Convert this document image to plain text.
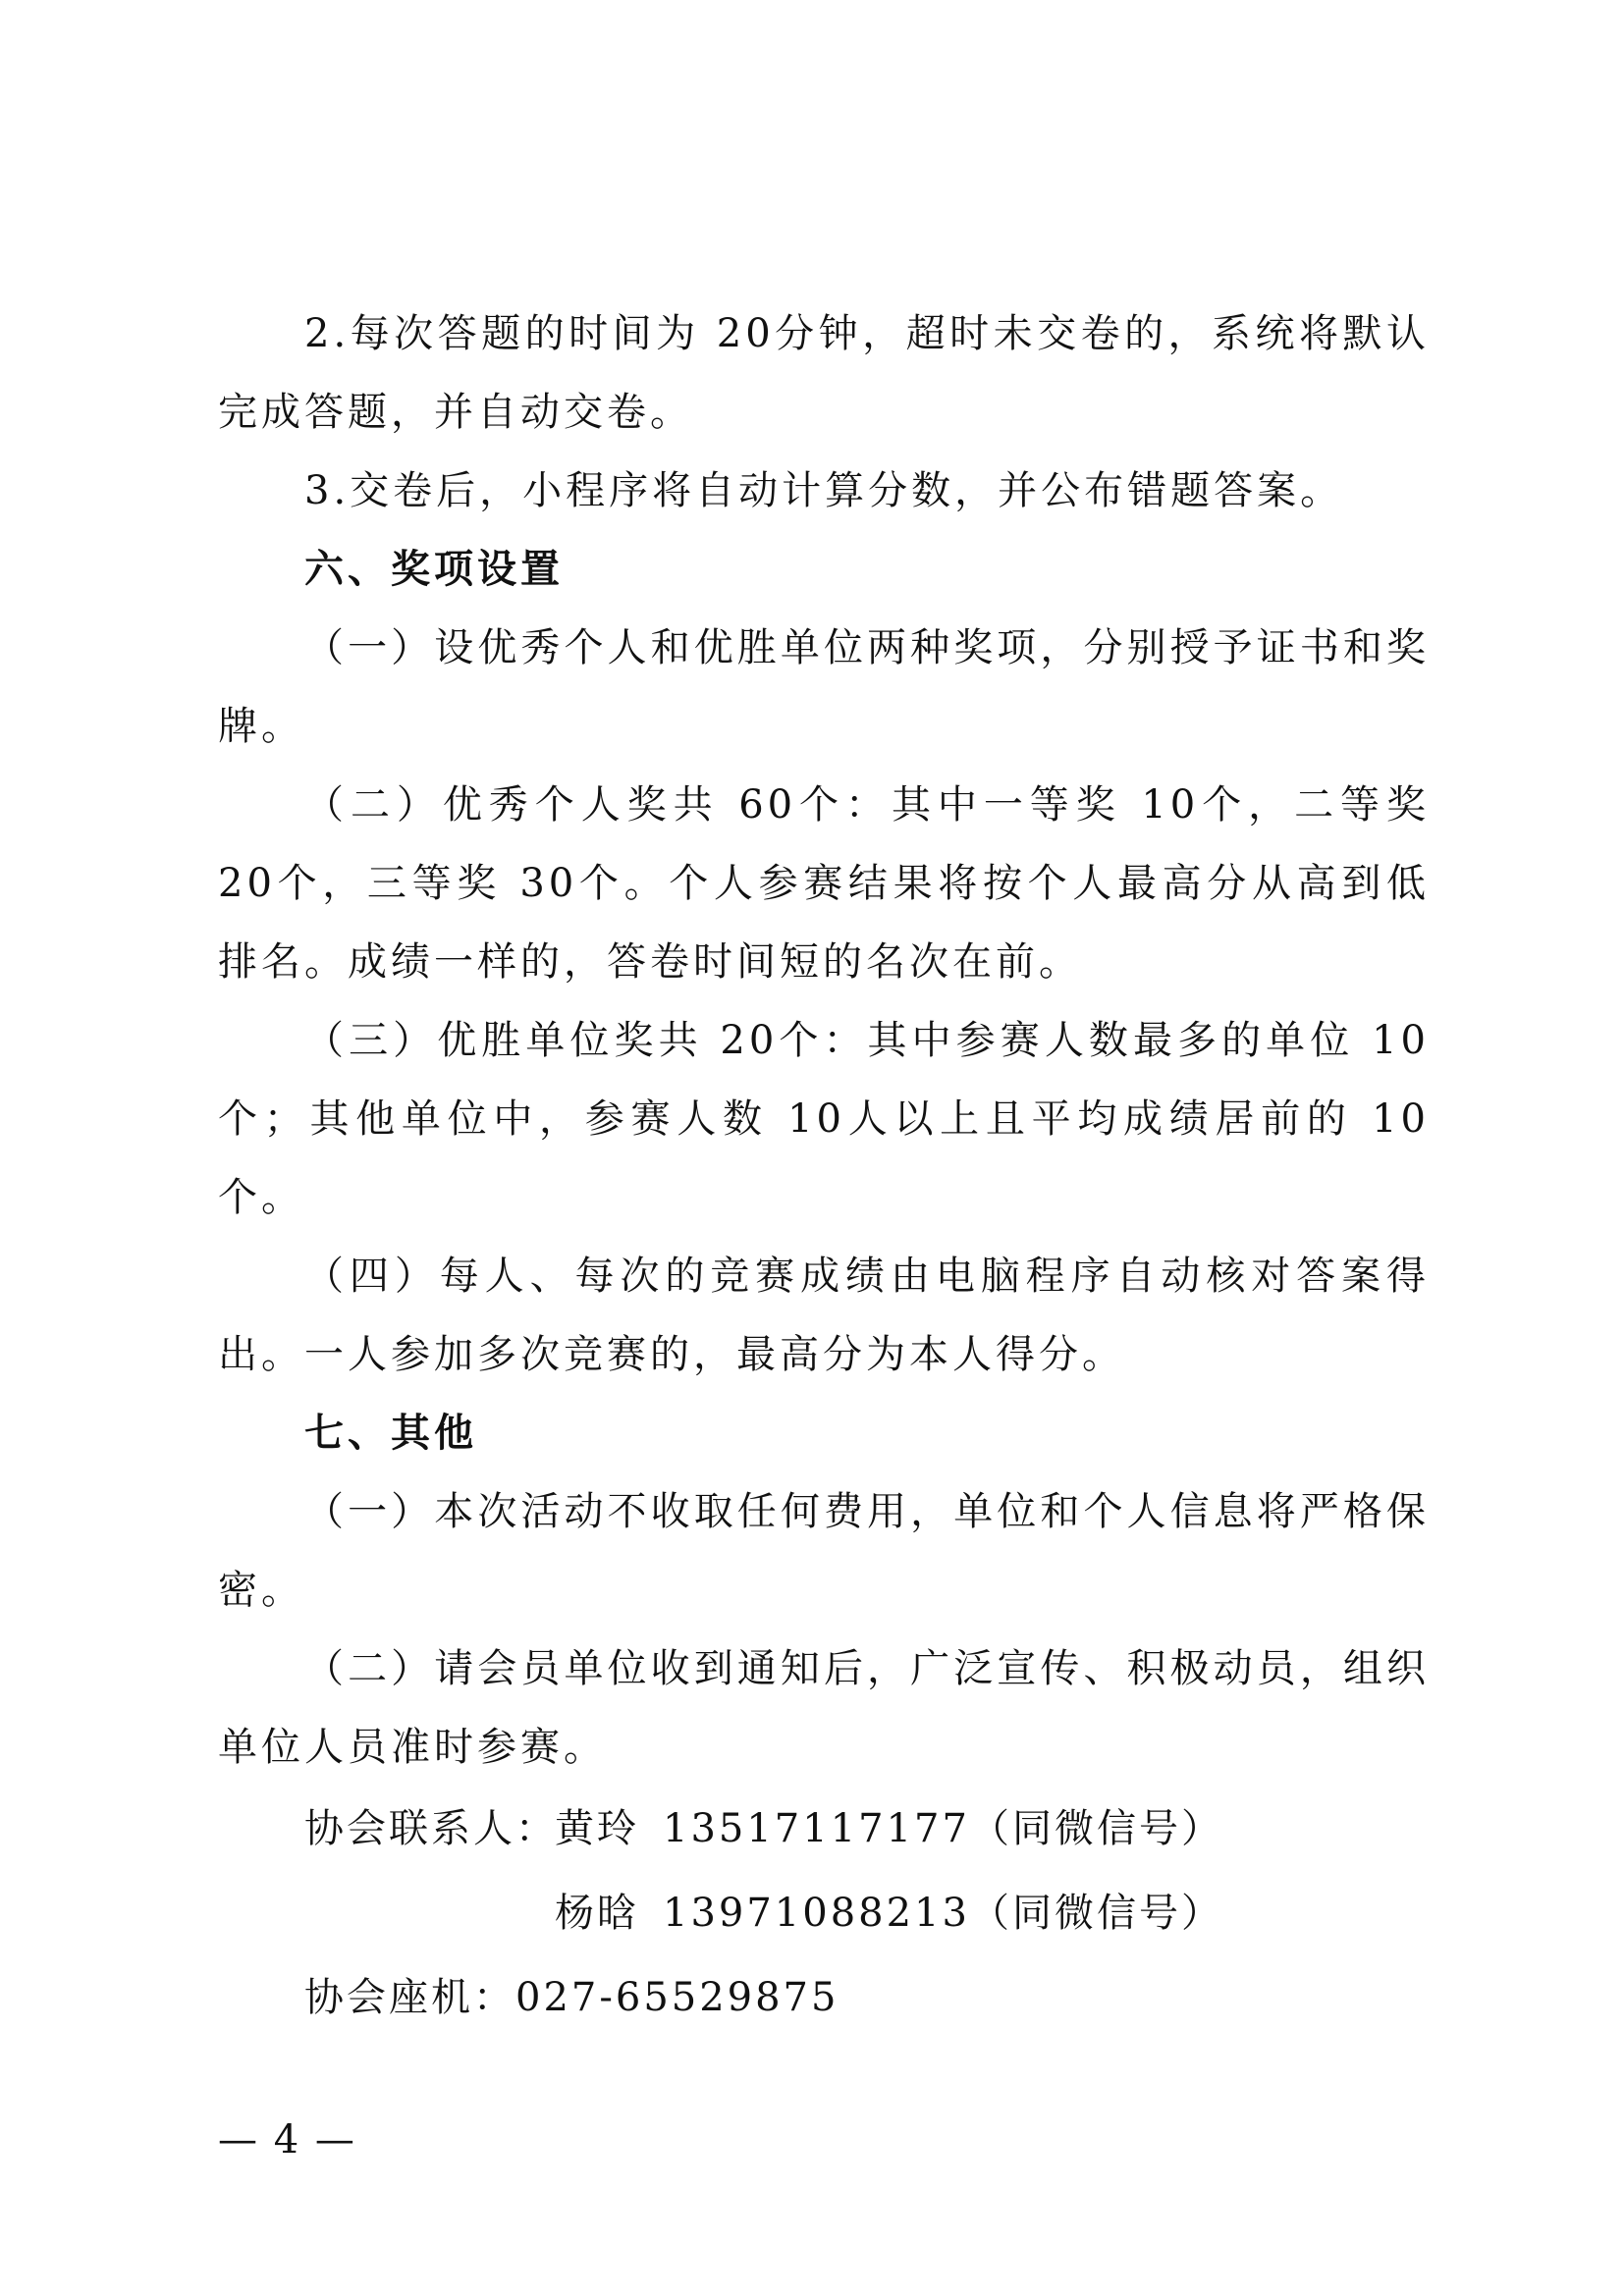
2.每次答题的时间为 20分钟，超时未交卷的，系统将默认完成答题，并自动交卷。

3.交卷后，小程序将自动计算分数，并公布错题答案。

六、奖项设置

（一）设优秀个人和优胜单位两种奖项，分别授予证书和奖牌。

（二）优秀个人奖共 60个：其中一等奖 10个，二等奖 20个，三等奖 30个。个人参赛结果将按个人最高分从高到低排名。成绩一样的，答卷时间短的名次在前。

（三）优胜单位奖共 20个：其中参赛人数最多的单位 10个；其他单位中，参赛人数 10人以上且平均成绩居前的 10个。

（四）每人、每次的竞赛成绩由电脑程序自动核对答案得出。一人参加多次竞赛的，最高分为本人得分。

七、其他

（一）本次活动不收取任何费用，单位和个人信息将严格保密。

（二）请会员单位收到通知后，广泛宣传、积极动员，组织单位人员准时参赛。

协会联系人：黄玲 13517117177（同微信号）

杨晗 13971088213（同微信号）

协会座机：027-65529875

— 4 —
